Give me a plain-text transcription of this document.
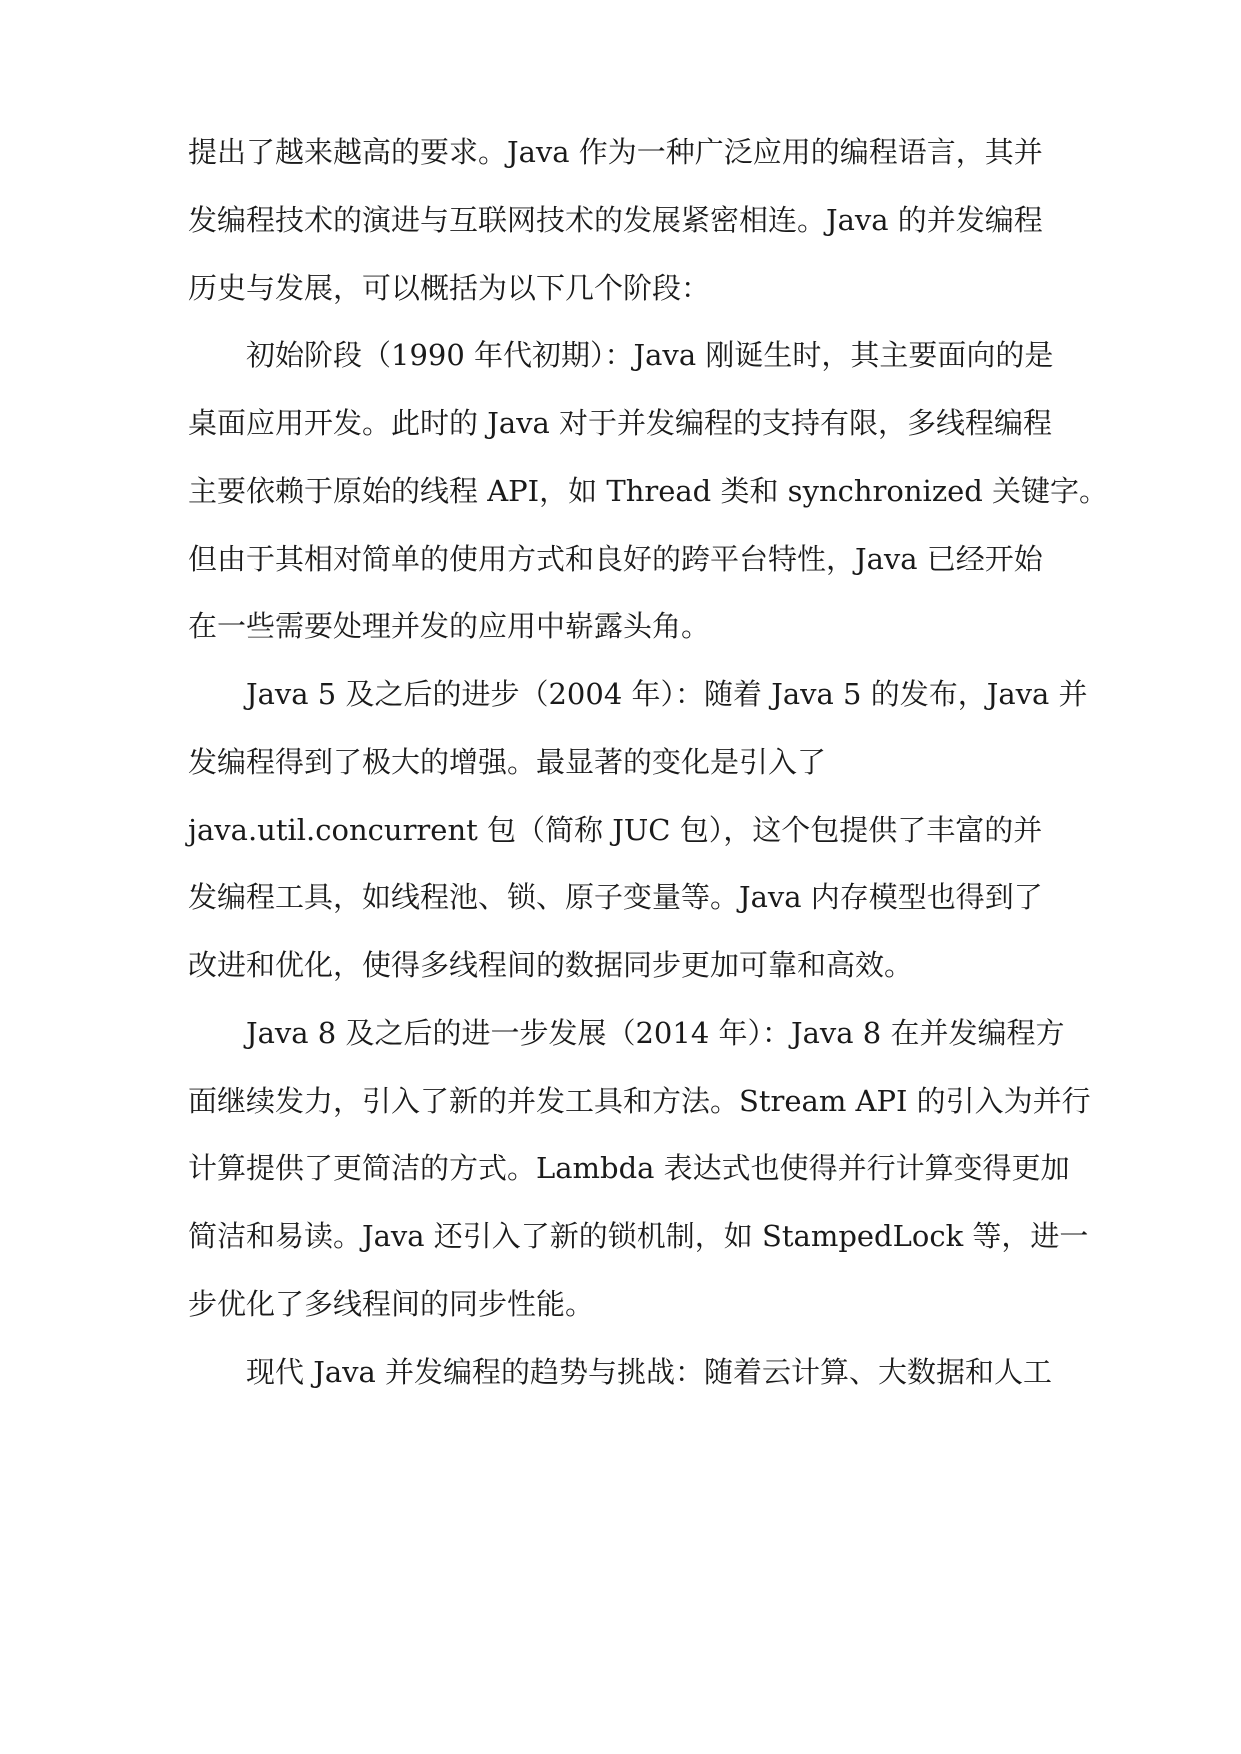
提出了越来越高的要求。Java 作为一种广泛应用的编程语言，其并
发编程技术的演进与互联网技术的发展紧密相连。Java 的并发编程
历史与发展，可以概括为以下几个阶段：
初始阶段（1990 年代初期）：Java 刚诞生时，其主要面向的是
桌面应用开发。此时的 Java 对于并发编程的支持有限，多线程编程
主要依赖于原始的线程 API，如 Thread 类和 synchronized 关键字。
但由于其相对简单的使用方式和良好的跨平台特性，Java 已经开始
在一些需要处理并发的应用中崭露头角。
Java 5 及之后的进步（2004 年）：随着 Java 5 的发布，Java 并
发编程得到了极大的增强。最显著的变化是引入了
java.util.concurrent 包（简称 JUC 包），这个包提供了丰富的并
发编程工具，如线程池、锁、原子变量等。Java 内存模型也得到了
改进和优化，使得多线程间的数据同步更加可靠和高效。
Java 8 及之后的进一步发展（2014 年）：Java 8 在并发编程方
面继续发力，引入了新的并发工具和方法。Stream API 的引入为并行
计算提供了更简洁的方式。Lambda 表达式也使得并行计算变得更加
简洁和易读。Java 还引入了新的锁机制，如 StampedLock 等，进一
步优化了多线程间的同步性能。
现代 Java 并发编程的趋势与挑战：随着云计算、大数据和人工
